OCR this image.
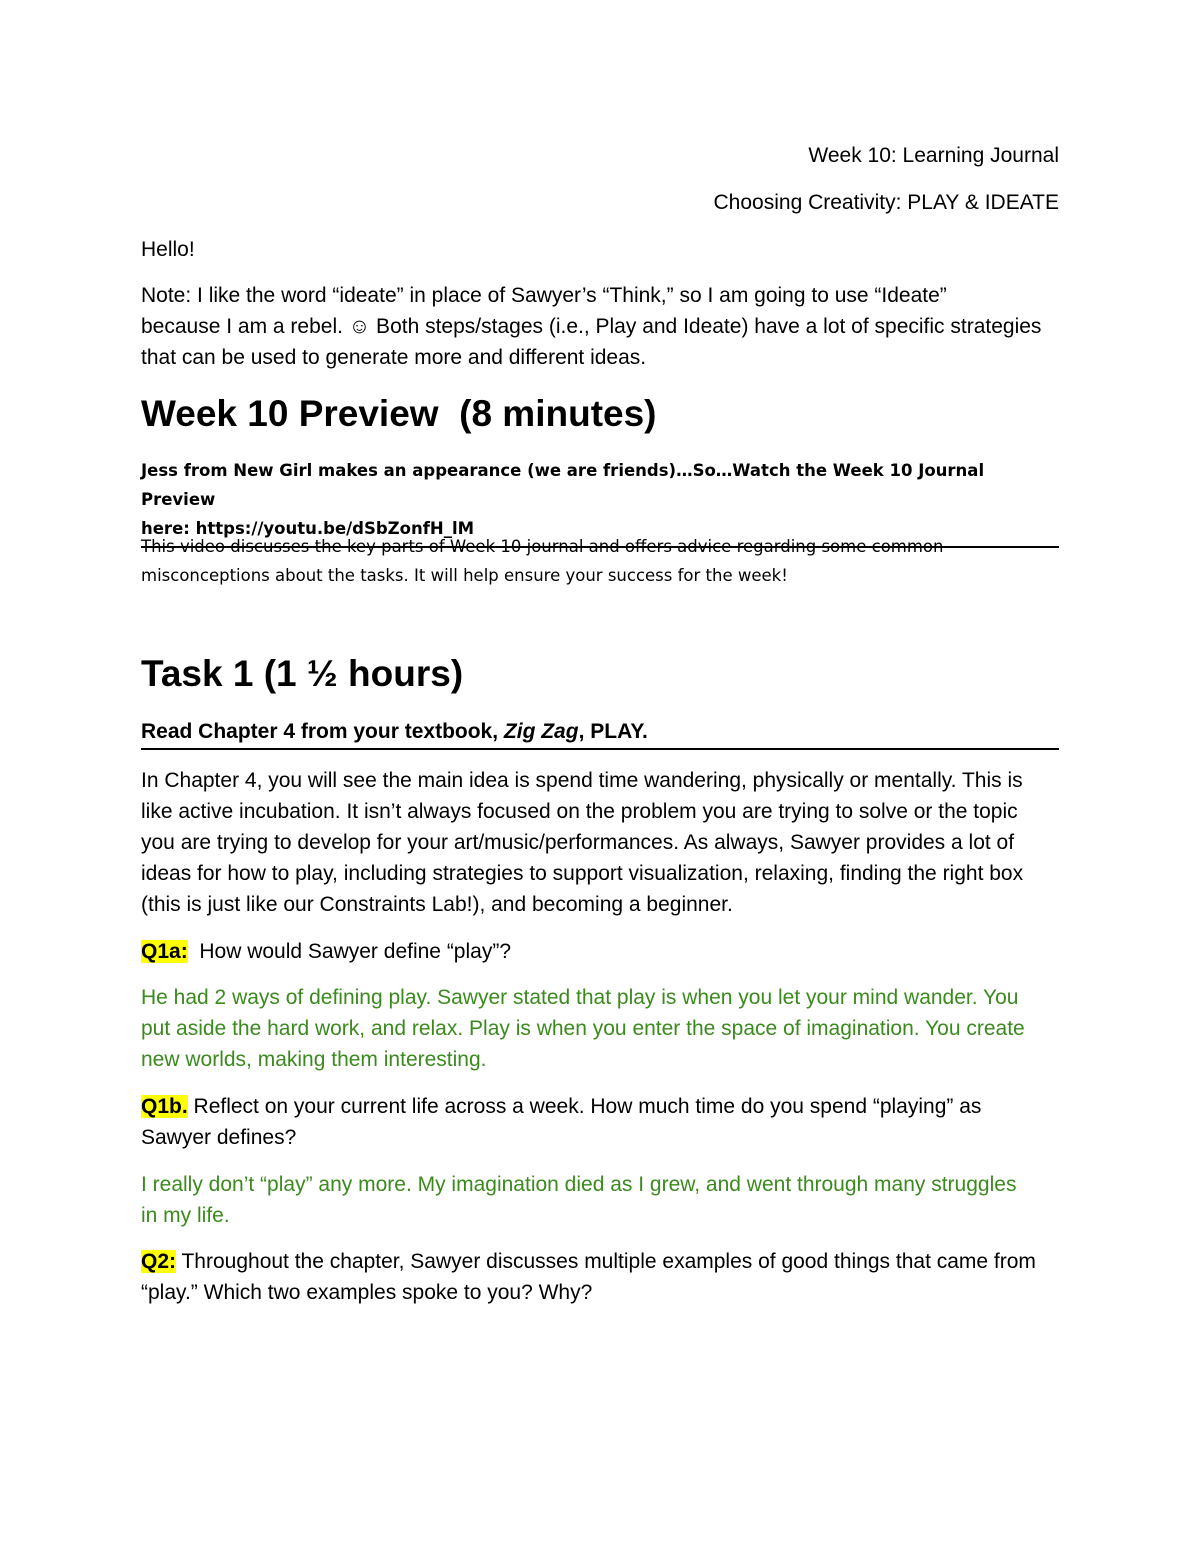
Week 10: Learning Journal

Choosing Creativity: PLAY & IDEATE

Hello!

Note: I like the word “ideate” in place of Sawyer’s “Think,” so I am going to use “Ideate”

because I am a rebel. ☺ Both steps/stages (i.e., Play and Ideate) have a lot of specific strategies

that can be used to generate more and different ideas.

Week 10 Preview  (8 minutes)
Jess from New Girl makes an appearance (we are friends)…So…Watch the Week 10 Journal Preview
here: https://youtu.be/dSbZonfH_lM

This video discusses the key parts of Week 10 journal and offers advice regarding some common

misconceptions about the tasks. It will help ensure your success for the week!

Task 1 (1 ½ hours)

Read Chapter 4 from your textbook, Zig Zag, PLAY.

In Chapter 4, you will see the main idea is spend time wandering, physically or mentally. This is

like active incubation. It isn’t always focused on the problem you are trying to solve or the topic

you are trying to develop for your art/music/performances. As always, Sawyer provides a lot of

ideas for how to play, including strategies to support visualization, relaxing, finding the right box

(this is just like our Constraints Lab!), and becoming a beginner.

Q1a:  How would Sawyer define “play”?

He had 2 ways of defining play. Sawyer stated that play is when you let your mind wander. You

put aside the hard work, and relax. Play is when you enter the space of imagination. You create

new worlds, making them interesting.

Q1b. Reflect on your current life across a week. How much time do you spend “playing” as

Sawyer defines?

I really don’t “play” any more. My imagination died as I grew, and went through many struggles

in my life.

Q2: Throughout the chapter, Sawyer discusses multiple examples of good things that came from

“play.” Which two examples spoke to you? Why?
